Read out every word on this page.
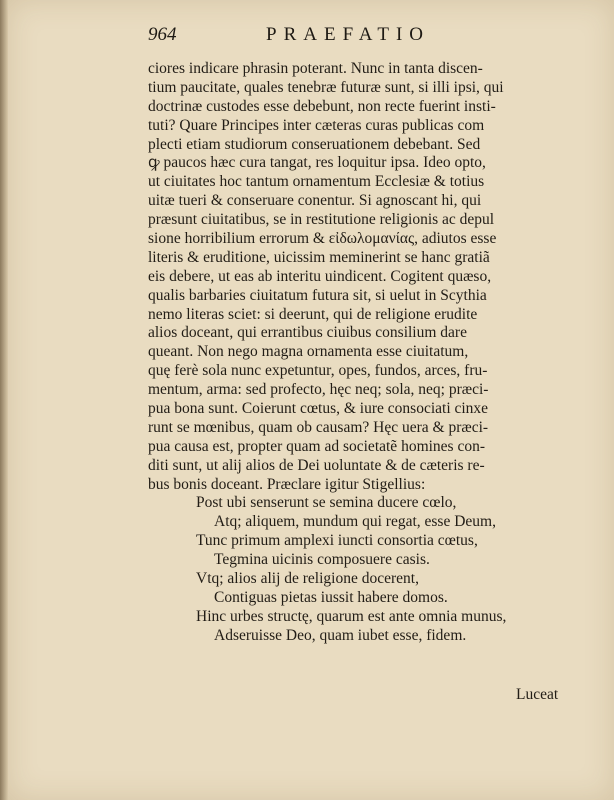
964	PRAEFATIO
ciores indicare phrasin poterant. Nunc in tanta discen-
tium paucitate, quales tenebræ futuræ sunt, si illi ipsi, qui
doctrinæ custodes esse debebunt, non recte fuerint insti-
tuti? Quare Principes inter cæteras curas publicas com
plecti etiam studiorum conseruationem debebant. Sed
ꝙ paucos hæc cura tangat, res loquitur ipsa. Ideo opto,
ut ciuitates hoc tantum ornamentum Ecclesiæ & totius
uitæ tueri & conseruare conentur. Si agnoscant hi, qui
præsunt ciuitatibus, se in restitutione religionis ac depul
sione horribilium errorum & εἰδωλομανίας, adiutos esse
literis & eruditione, uicissim meminerint se hanc gratiã
eis debere, ut eas ab interitu uindicent. Cogitent quæso,
qualis barbaries ciuitatum futura sit, si uelut in Scythia
nemo literas sciet: si deerunt, qui de religione erudite
alios doceant, qui errantibus ciuibus consilium dare
queant. Non nego magna ornamenta esse ciuitatum,
quę ferè sola nunc expetuntur, opes, fundos, arces, fru-
mentum, arma: sed profecto, hęc neq; sola, neq; præci-
pua bona sunt. Coierunt cœtus, & iure consociati cinxe
runt se mœnibus, quam ob causam? Hęc uera & præci-
pua causa est, propter quam ad societatẽ homines con-
diti sunt, ut alij alios de Dei uoluntate & de cæteris re-
bus bonis doceant. Præclare igitur Stigellius:
Post ubi senserunt se semina ducere cœlo,
Atq; aliquem, mundum qui regat, esse Deum,
Tunc primum amplexi iuncti consortia cœtus,
Tegmina uicinis composuere casis.
Vtq; alios alij de religione docerent,
Contiguas pietas iussit habere domos.
Hinc urbes structę, quarum est ante omnia munus,
Adseruisse Deo, quam iubet esse, fidem.
Luceat
